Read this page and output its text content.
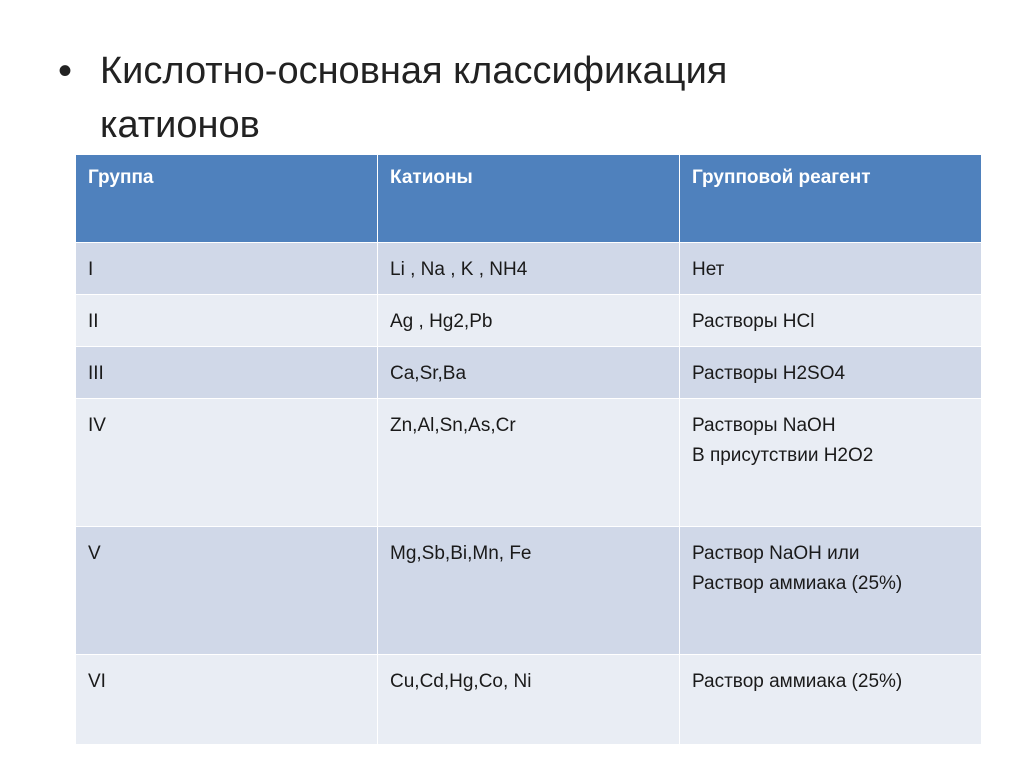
• Кислотно-основная классификация катионов
Группа	Катионы	Групповой реагент
I	Li , Na , K , NH4	Нет

II	Ag , Hg2,Pb	Растворы HCl

III	Ca,Sr,Ba	Растворы H2SO4

IV	Zn,Al,Sn,As,Cr	Растворы NaOH
В присутствии H2O2

V	Mg,Sb,Bi,Mn, Fe	Раствор NaOH или
Раствор аммиака (25%)

VI	Cu,Cd,Hg,Co, Ni	Раствор аммиака (25%)
